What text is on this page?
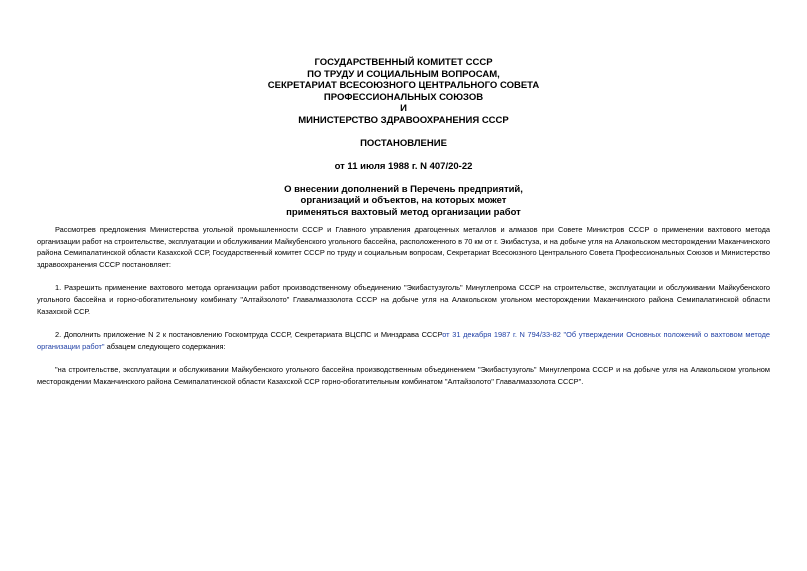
ГОСУДАРСТВЕННЫЙ КОМИТЕТ СССР
ПО ТРУДУ И СОЦИАЛЬНЫМ ВОПРОСАМ,
СЕКРЕТАРИАТ ВСЕСОЮЗНОГО ЦЕНТРАЛЬНОГО СОВЕТА
ПРОФЕССИОНАЛЬНЫХ СОЮЗОВ
И
МИНИСТЕРСТВО ЗДРАВООХРАНЕНИЯ СССР
ПОСТАНОВЛЕНИЕ
от 11 июля 1988 г. N 407/20-22
О внесении дополнений в Перечень предприятий,
организаций и объектов, на которых может
применяться вахтовый метод организации работ

Рассмотрев предложения Министерства угольной промышленности СССР и Главного управления драгоценных металлов и алмазов при Совете Министров СССР о применении вахтового метода организации работ на строительстве, эксплуатации и обслуживании Майкубенского угольного бассейна, расположенного в 70 км от г. Экибастуза, и на добыче угля на Алакольском месторождении Маканчинского района Семипалатинской области Казахской ССР, Государственный комитет СССР по труду и социальным вопросам, Секретариат Всесоюзного Центрального Совета Профессиональных Союзов и Министерство здравоохранения СССР постановляет:

1. Разрешить применение вахтового метода организации работ производственному объединению "Экибастузуголь" Минуглепрома СССР на строительстве, эксплуатации и обслуживании Майкубенского угольного бассейна и горно-обогатительному комбинату "Алтайзолото" Главалмаззолота СССР на добыче угля на Алакольском угольном месторождении Маканчинского района Семипалатинской области Казахской ССР.

2. Дополнить приложение N 2 к постановлению Госкомтруда СССР, Секретариата ВЦСПС и Минздрава СССРот 31 декабря 1987 г. N 794/33-82 "Об утверждении Основных положений о вахтовом методе организации работ" абзацем следующего содержания:

"на строительстве, эксплуатации и обслуживании Майкубенского угольного бассейна производственным объединением "Экибастузуголь" Минуглепрома СССР и на добыче угля на Алакольском угольном месторождении Маканчинского района Семипалатинской области Казахской ССР горно-обогатительным комбинатом "Алтайзолото" Главалмаззолота СССР".
